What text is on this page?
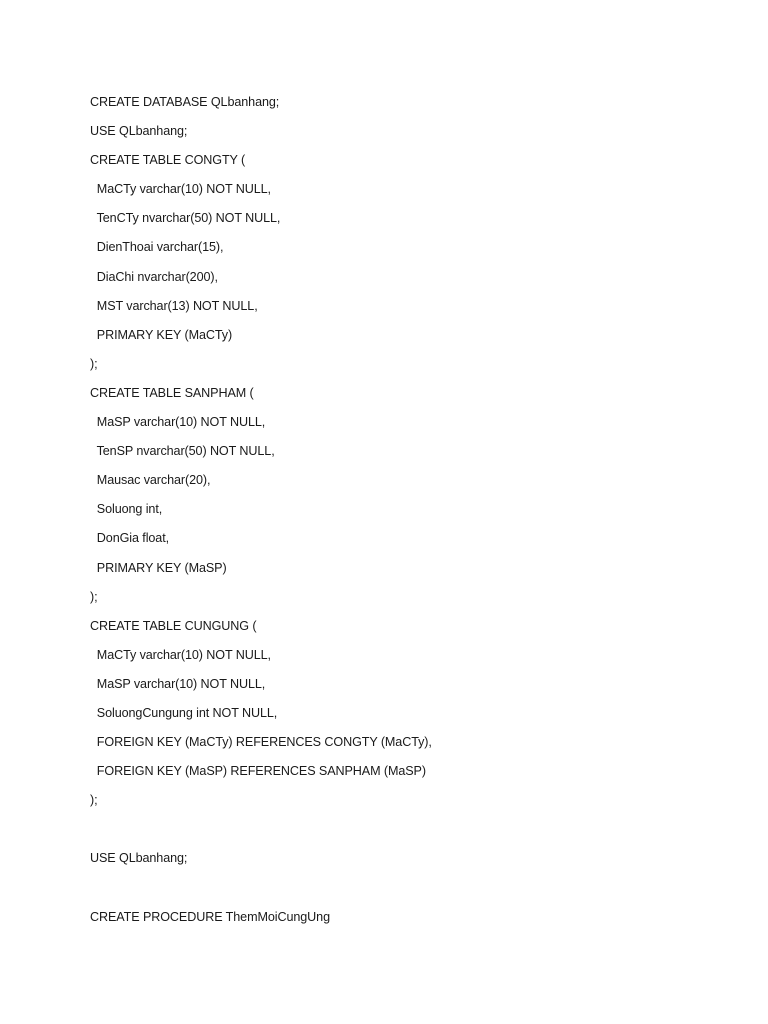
CREATE DATABASE QLbanhang;
USE QLbanhang;
CREATE TABLE CONGTY (
MaCTy varchar(10) NOT NULL,
TenCTy nvarchar(50) NOT NULL,
DienThoai varchar(15),
DiaChi nvarchar(200),
MST varchar(13) NOT NULL,
PRIMARY KEY (MaCTy)
);
CREATE TABLE SANPHAM (
MaSP varchar(10) NOT NULL,
TenSP nvarchar(50) NOT NULL,
Mausac varchar(20),
Soluong int,
DonGia float,
PRIMARY KEY (MaSP)
);
CREATE TABLE CUNGUNG (
MaCTy varchar(10) NOT NULL,
MaSP varchar(10) NOT NULL,
SoluongCungung int NOT NULL,
FOREIGN KEY (MaCTy) REFERENCES CONGTY (MaCTy),
FOREIGN KEY (MaSP) REFERENCES SANPHAM (MaSP)
);
USE QLbanhang;
CREATE PROCEDURE ThemMoiCungUng
